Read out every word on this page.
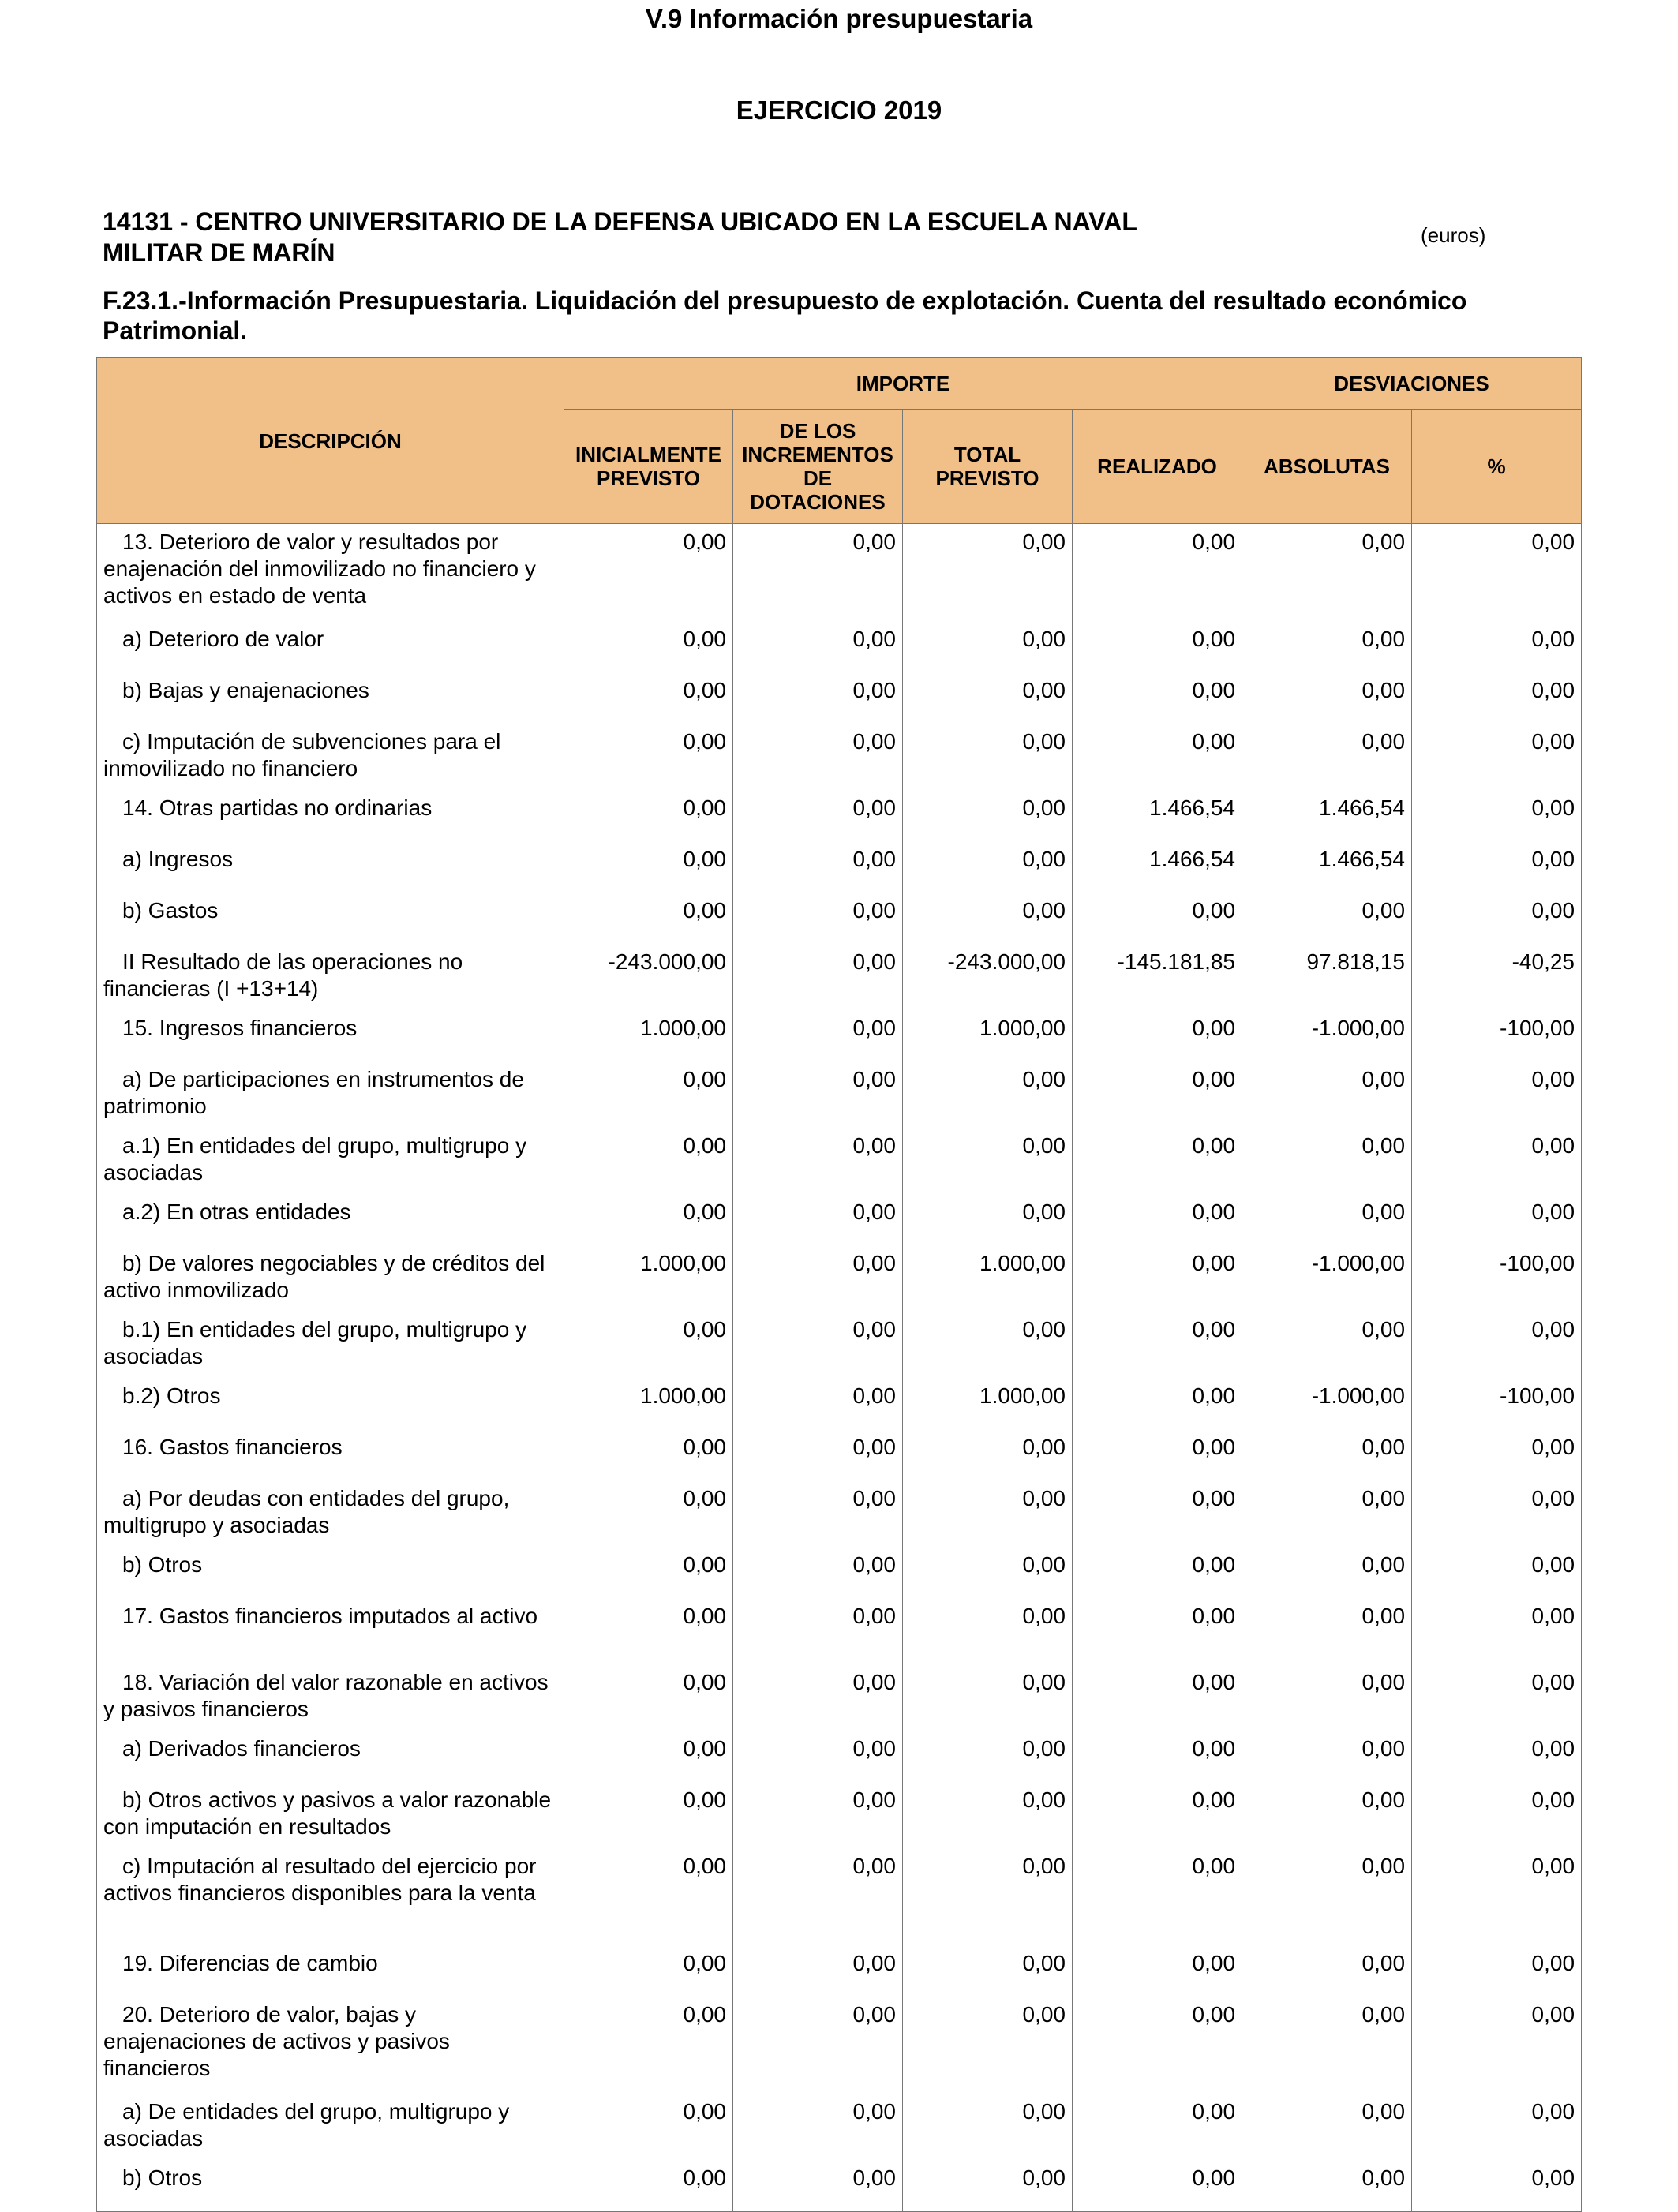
V.9 Información presupuestaria
EJERCICIO 2019
14131 - CENTRO UNIVERSITARIO DE LA DEFENSA UBICADO EN LA ESCUELA NAVAL
MILITAR DE MARÍN
(euros)
F.23.1.-Información Presupuestaria. Liquidación del presupuesto de explotación. Cuenta del resultado económico Patrimonial.
DESCRIPCIÓN	IMPORTE				DESVIACIONES	
	INICIALMENTE PREVISTO	DE LOS INCREMENTOS DE DOTACIONES	TOTAL PREVISTO	REALIZADO	ABSOLUTAS	%
13. Deterioro de valor y resultados por enajenación del inmovilizado no financiero y activos en estado de venta	0,00	0,00	0,00	0,00	0,00	0,00
a) Deterioro de valor	0,00	0,00	0,00	0,00	0,00	0,00
b) Bajas y enajenaciones	0,00	0,00	0,00	0,00	0,00	0,00
c) Imputación de subvenciones para el inmovilizado no financiero	0,00	0,00	0,00	0,00	0,00	0,00
14. Otras partidas no ordinarias	0,00	0,00	0,00	1.466,54	1.466,54	0,00
a) Ingresos	0,00	0,00	0,00	1.466,54	1.466,54	0,00
b) Gastos	0,00	0,00	0,00	0,00	0,00	0,00
II Resultado de las operaciones no financieras (I +13+14)	-243.000,00	0,00	-243.000,00	-145.181,85	97.818,15	-40,25
15. Ingresos financieros	1.000,00	0,00	1.000,00	0,00	-1.000,00	-100,00
a) De participaciones en instrumentos de patrimonio	0,00	0,00	0,00	0,00	0,00	0,00
a.1) En entidades del grupo, multigrupo y asociadas	0,00	0,00	0,00	0,00	0,00	0,00
a.2) En otras entidades	0,00	0,00	0,00	0,00	0,00	0,00
b) De valores negociables y de créditos del activo inmovilizado	1.000,00	0,00	1.000,00	0,00	-1.000,00	-100,00
b.1) En entidades del grupo, multigrupo y asociadas	0,00	0,00	0,00	0,00	0,00	0,00
b.2) Otros	1.000,00	0,00	1.000,00	0,00	-1.000,00	-100,00
16. Gastos financieros	0,00	0,00	0,00	0,00	0,00	0,00
a) Por deudas con entidades del grupo, multigrupo y asociadas	0,00	0,00	0,00	0,00	0,00	0,00
b) Otros	0,00	0,00	0,00	0,00	0,00	0,00
17. Gastos financieros imputados al activo	0,00	0,00	0,00	0,00	0,00	0,00
18. Variación del valor razonable en activos y pasivos financieros	0,00	0,00	0,00	0,00	0,00	0,00
a) Derivados financieros	0,00	0,00	0,00	0,00	0,00	0,00
b) Otros activos y pasivos a valor razonable con imputación en resultados	0,00	0,00	0,00	0,00	0,00	0,00
c) Imputación al resultado del ejercicio por activos financieros disponibles para la venta	0,00	0,00	0,00	0,00	0,00	0,00
19. Diferencias de cambio	0,00	0,00	0,00	0,00	0,00	0,00
20. Deterioro de valor, bajas y enajenaciones de activos y pasivos financieros	0,00	0,00	0,00	0,00	0,00	0,00
a) De entidades del grupo, multigrupo y asociadas	0,00	0,00	0,00	0,00	0,00	0,00
b) Otros	0,00	0,00	0,00	0,00	0,00	0,00
